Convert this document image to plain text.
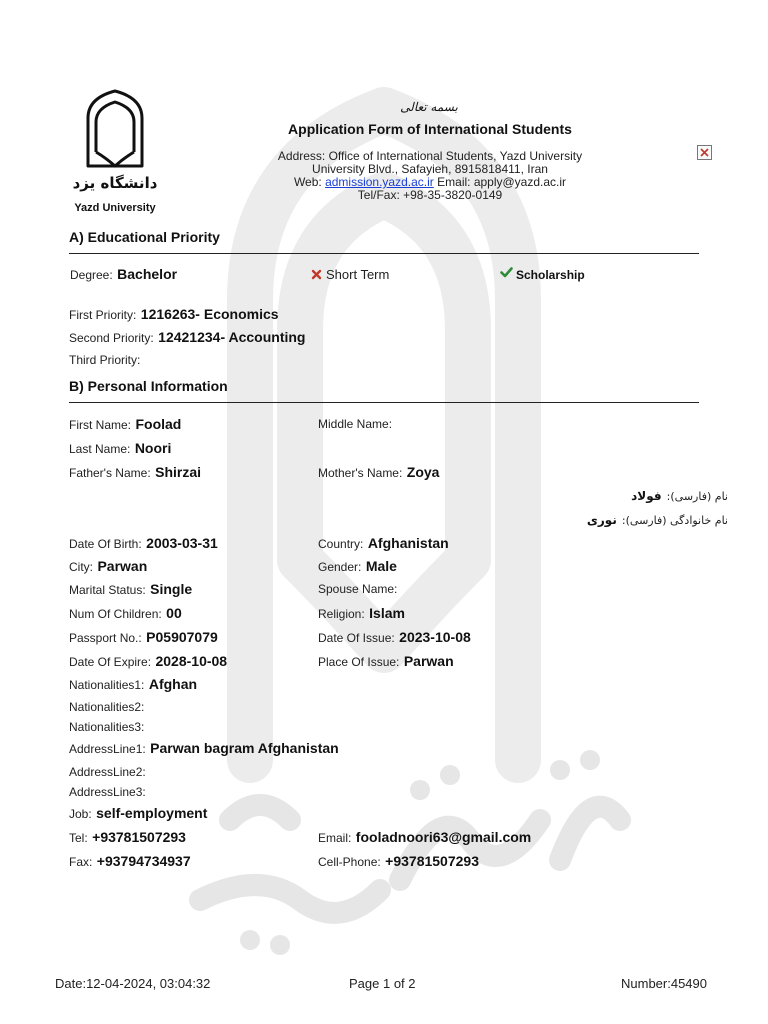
دانشگاه یزد
Yazd University
بسمه تعالی
Application Form of International Students
Address: Office of International Students, Yazd University
University Blvd., Safayieh, 8915818411, Iran
Web: admission.yazd.ac.ir Email: apply@yazd.ac.ir
Tel/Fax: +98-35-3820-0149
A) Educational Priority
Degree: Bachelor	Short Term	Scholarship
First Priority: 1216263- Economics
Second Priority: 12421234- Accounting
Third Priority:
B) Personal Information
First Name: Foolad	Middle Name:
Last Name: Noori
Father's Name: Shirzai	Mother's Name: Zoya
نام (فارسی): فولاد
نام خانوادگی (فارسی): نوری
Date Of Birth: 2003-03-31	Country: Afghanistan
City: Parwan	Gender: Male
Marital Status: Single	Spouse Name:
Num Of Children: 00	Religion: Islam
Passport No.: P05907079	Date Of Issue: 2023-10-08
Date Of Expire: 2028-10-08	Place Of Issue: Parwan
Nationalities1: Afghan
Nationalities2:
Nationalities3:
AddressLine1: Parwan bagram Afghanistan
AddressLine2:
AddressLine3:
Job: self-employment
Tel: +93781507293	Email: fooladnoori63@gmail.com
Fax: +93794734937	Cell-Phone: +93781507293
Date:12-04-2024, 03:04:32	Page 1 of 2	Number:45490
